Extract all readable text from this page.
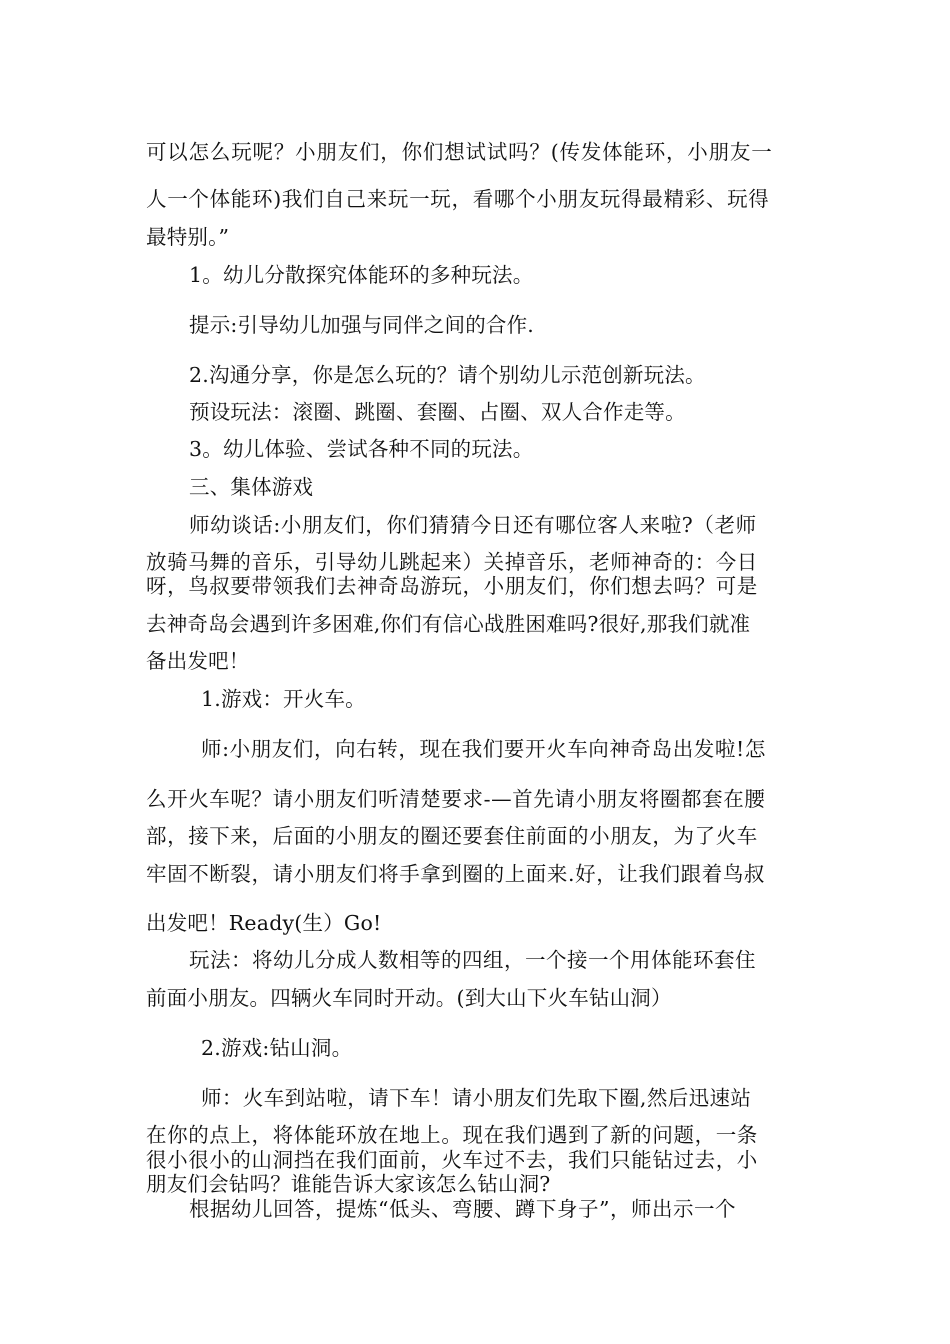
可以怎么玩呢？小朋友们，你们想试试吗？(传发体能环，小朋友一
人一个体能环)我们自己来玩一玩，看哪个小朋友玩得最精彩、玩得
最特别。”
1。幼儿分散探究体能环的多种玩法。
提示:引导幼儿加强与同伴之间的合作.
2.沟通分享，你是怎么玩的？请个别幼儿示范创新玩法。
预设玩法：滚圈、跳圈、套圈、占圈、双人合作走等。
3。幼儿体验、尝试各种不同的玩法。
三、集体游戏
师幼谈话:小朋友们，你们猜猜今日还有哪位客人来啦?（老师
放骑马舞的音乐，引导幼儿跳起来）关掉音乐，老师神奇的：今日
呀，鸟叔要带领我们去神奇岛游玩，小朋友们，你们想去吗？可是
去神奇岛会遇到许多困难,你们有信心战胜困难吗?很好,那我们就准
备出发吧！
1.游戏：开火车。
师:小朋友们，向右转，现在我们要开火车向神奇岛出发啦!怎
么开火车呢？请小朋友们听清楚要求-—首先请小朋友将圈都套在腰
部，接下来，后面的小朋友的圈还要套住前面的小朋友，为了火车
牢固不断裂，请小朋友们将手拿到圈的上面来.好，让我们跟着鸟叔
出发吧！Ready(生）Go!
玩法：将幼儿分成人数相等的四组，一个接一个用体能环套住
前面小朋友。四辆火车同时开动。(到大山下火车钻山洞）
2.游戏:钻山洞。
师：火车到站啦，请下车！请小朋友们先取下圈,然后迅速站
在你的点上，将体能环放在地上。现在我们遇到了新的问题，一条
很小很小的山洞挡在我们面前，火车过不去，我们只能钻过去，小
朋友们会钻吗？谁能告诉大家该怎么钻山洞?
根据幼儿回答，提炼“低头、弯腰、蹲下身子”，师出示一个
